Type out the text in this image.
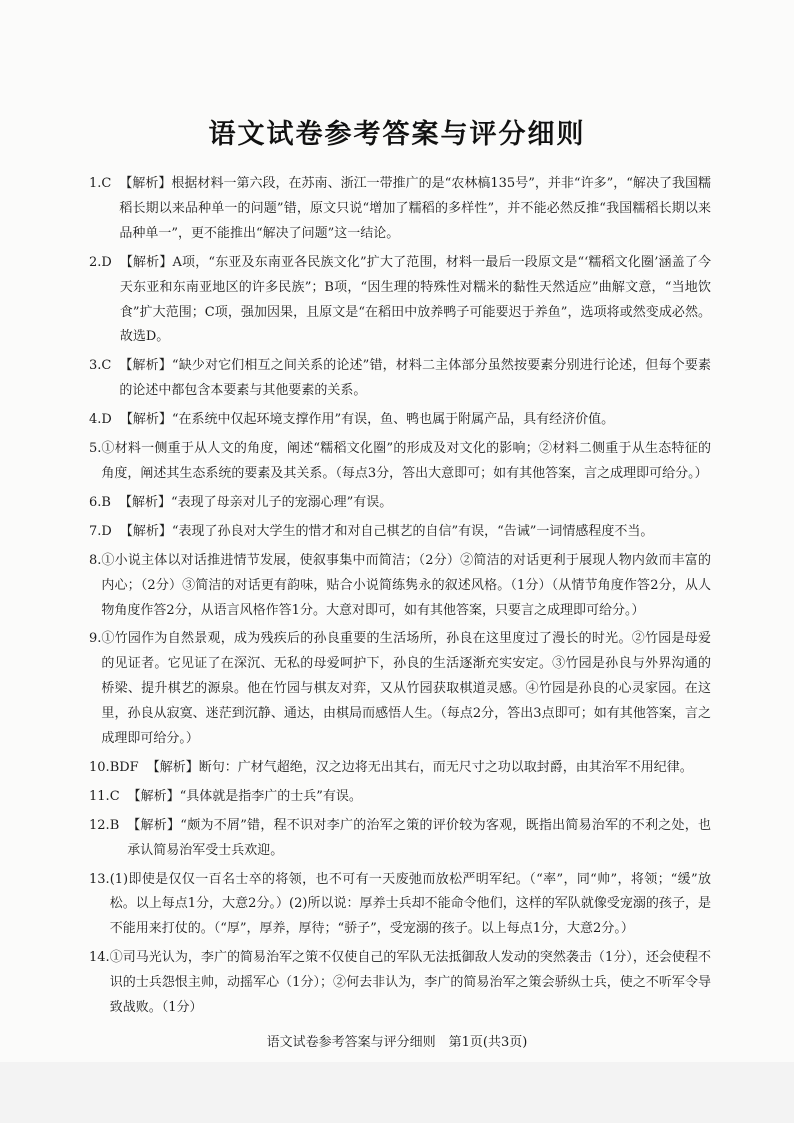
语文试卷参考答案与评分细则
1. C 【解析】根据材料一第六段，在苏南、浙江一带推广的是“农林槁135号”，并非“许多”，“解决了我国糯稻长期以来品种单一的问题”错，原文只说“增加了糯稻的多样性”，并不能必然反推“我国糯稻长期以来品种单一”，更不能推出“解决了问题”这一结论。
2. D 【解析】A项，“东亚及东南亚各民族文化”扩大了范围，材料一最后一段原文是“‘糯稻文化圈’涵盖了今天东亚和东南亚地区的许多民族”；B项，“因生理的特殊性对糯米的黏性天然适应”曲解文意，“当地饮食”扩大范围；C项，强加因果，且原文是“在稻田中放养鸭子可能要迟于养鱼”，选项将或然变成必然。故选D。
3. C 【解析】“缺少对它们相互之间关系的论述”错，材料二主体部分虽然按要素分别进行论述，但每个要素的论述中都包含本要素与其他要素的关系。
4. D 【解析】“在系统中仅起环境支撑作用”有误，鱼、鸭也属于附属产品，具有经济价值。
5. ①材料一侧重于从人文的角度，阐述“糯稻文化圈”的形成及对文化的影响；②材料二侧重于从生态特征的角度，阐述其生态系统的要素及其关系。（每点3分，答出大意即可；如有其他答案，言之成理即可给分。）
6. B 【解析】“表现了母亲对儿子的宠溺心理”有误。
7. D 【解析】“表现了孙良对大学生的惜才和对自己棋艺的自信”有误，“告诫”一词情感程度不当。
8. ①小说主体以对话推进情节发展，使叙事集中而简洁；（2分）②简洁的对话更利于展现人物内敛而丰富的内心；（2分）③简洁的对话更有韵味，贴合小说简练隽永的叙述风格。（1分）（从情节角度作答2分，从人物角度作答2分，从语言风格作答1分。大意对即可，如有其他答案，只要言之成理即可给分。）
9. ①竹园作为自然景观，成为残疾后的孙良重要的生活场所，孙良在这里度过了漫长的时光。②竹园是母爱的见证者。它见证了在深沉、无私的母爱呵护下，孙良的生活逐渐充实安定。③竹园是孙良与外界沟通的桥梁、提升棋艺的源泉。他在竹园与棋友对弈，又从竹园获取棋道灵感。④竹园是孙良的心灵家园。在这里，孙良从寂寞、迷茫到沉静、通达，由棋局而感悟人生。（每点2分，答出3点即可；如有其他答案，言之成理即可给分。）
10. BDF 【解析】断句：广材气超绝，汉之边将无出其右，而无尺寸之功以取封爵，由其治军不用纪律。
11. C 【解析】“具体就是指李广的士兵”有误。
12. B 【解析】“颇为不屑”错，程不识对李广的治军之策的评价较为客观，既指出简易治军的不利之处，也承认简易治军受士兵欢迎。
13. (1)即使是仅仅一百名士卒的将领，也不可有一天废弛而放松严明军纪。（“率”，同“帅”，将领；“缓”放松。以上每点1分，大意2分。）(2)所以说：厚养士兵却不能命令他们，这样的军队就像受宠溺的孩子，是不能用来打仗的。（“厚”，厚养，厚待；“骄子”，受宠溺的孩子。以上每点1分，大意2分。）
14. ①司马光认为，李广的简易治军之策不仅使自己的军队无法抵御敌人发动的突然袭击（1分），还会使程不识的士兵怨恨主帅，动摇军心（1分）；②何去非认为，李广的简易治军之策会骄纵士兵，使之不听军令导致战败。（1分）
语文试卷参考答案与评分细则　第1页(共3页)
